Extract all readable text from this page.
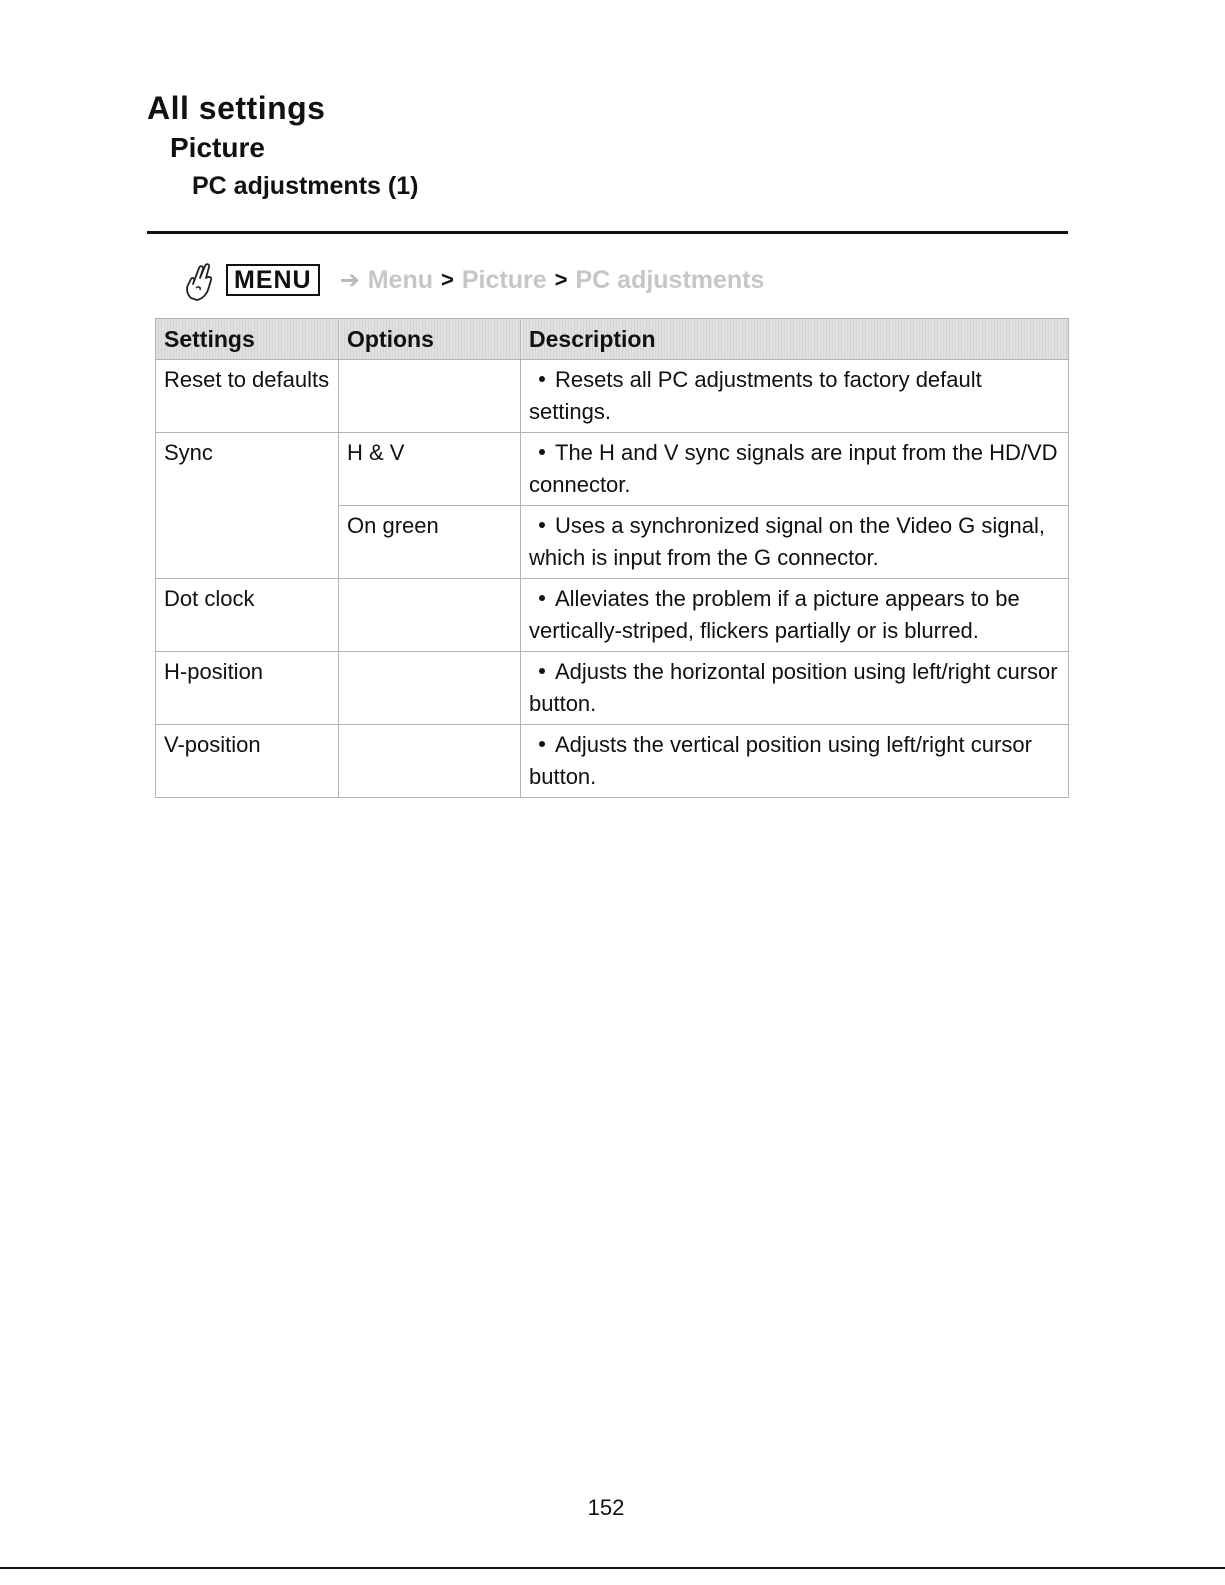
All settings
Picture
PC adjustments (1)
MENU	➔ Menu > Picture > PC adjustments
Settings	Options	Description
Reset to defaults		Resets all PC adjustments to factory default settings.
Sync	H & V	The H and V sync signals are input from the HD/VD connector.
	On green	Uses a synchronized signal on the Video G signal, which is input from the G connector.
Dot clock		Alleviates the problem if a picture appears to be vertically-striped, flickers partially or is blurred.
H-position		Adjusts the horizontal position using left/right cursor button.
V-position		Adjusts the vertical position using left/right cursor button.
152
